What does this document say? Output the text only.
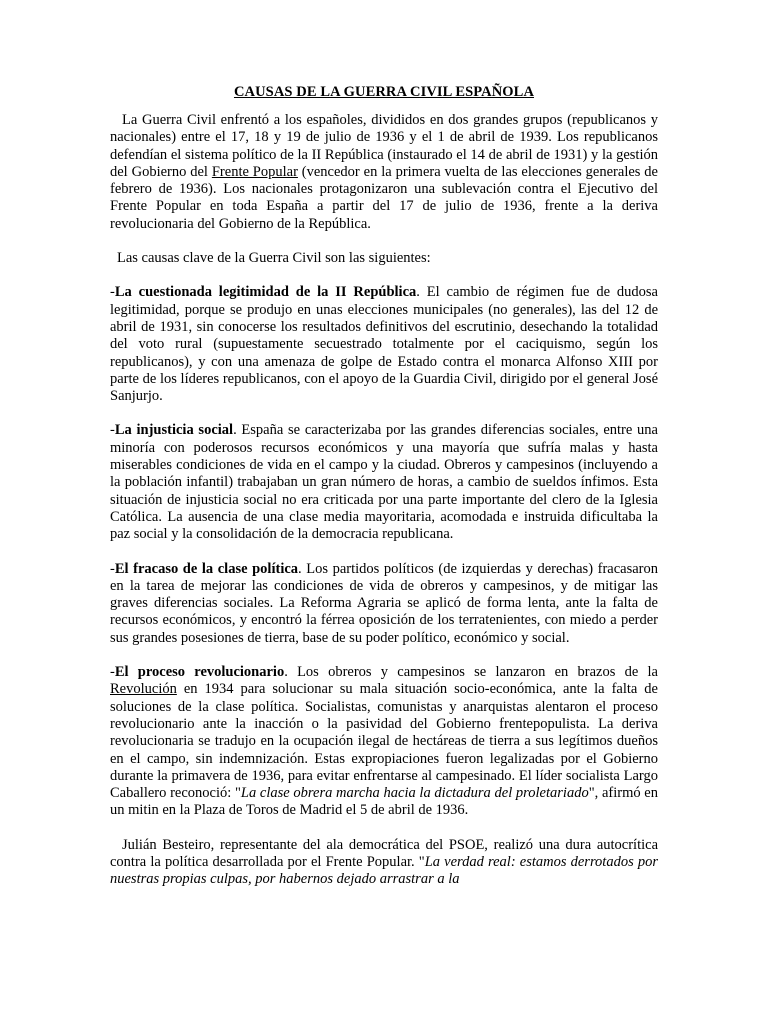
CAUSAS DE LA GUERRA CIVIL ESPAÑOLA

La Guerra Civil enfrentó a los españoles, divididos en dos grandes grupos (republicanos y nacionales) entre el 17, 18 y 19 de julio de 1936 y el 1 de abril de 1939. Los republicanos defendían el sistema político de la II República (instaurado el 14 de abril de 1931) y la gestión del Gobierno del Frente Popular (vencedor en la primera vuelta de las elecciones generales de febrero de 1936). Los nacionales protagonizaron una sublevación contra el Ejecutivo del Frente Popular en toda España a partir del 17 de julio de 1936, frente a la deriva revolucionaria del Gobierno de la República.

Las causas clave de la Guerra Civil son las siguientes:

-La cuestionada legitimidad de la II República. El cambio de régimen fue de dudosa legitimidad, porque se produjo en unas elecciones municipales (no generales), las del 12 de abril de 1931, sin conocerse los resultados definitivos del escrutinio, desechando la totalidad del voto rural (supuestamente secuestrado totalmente por el caciquismo, según los republicanos), y con una amenaza de golpe de Estado contra el monarca Alfonso XIII por parte de los líderes republicanos, con el apoyo de la Guardia Civil, dirigido por el general José Sanjurjo.

-La injusticia social. España se caracterizaba por las grandes diferencias sociales, entre una minoría con poderosos recursos económicos y una mayoría que sufría malas y hasta miserables condiciones de vida en el campo y la ciudad. Obreros y campesinos (incluyendo a la población infantil) trabajaban un gran número de horas, a cambio de sueldos ínfimos. Esta situación de injusticia social no era criticada por una parte importante del clero de la Iglesia Católica. La ausencia de una clase media mayoritaria, acomodada e instruida dificultaba la paz social y la consolidación de la democracia republicana.

-El fracaso de la clase política. Los partidos políticos (de izquierdas y derechas) fracasaron en la tarea de mejorar las condiciones de vida de obreros y campesinos, y de mitigar las graves diferencias sociales. La Reforma Agraria se aplicó de forma lenta, ante la falta de recursos económicos, y encontró la férrea oposición de los terratenientes, con miedo a perder sus grandes posesiones de tierra, base de su poder político, económico y social.

-El proceso revolucionario. Los obreros y campesinos se lanzaron en brazos de la Revolución en 1934 para solucionar su mala situación socio-económica, ante la falta de soluciones de la clase política. Socialistas, comunistas y anarquistas alentaron el proceso revolucionario ante la inacción o la pasividad del Gobierno frentepopulista. La deriva revolucionaria se tradujo en la ocupación ilegal de hectáreas de tierra a sus legítimos dueños en el campo, sin indemnización. Estas expropiaciones fueron legalizadas por el Gobierno durante la primavera de 1936, para evitar enfrentarse al campesinado. El líder socialista Largo Caballero reconoció: "La clase obrera marcha hacia la dictadura del proletariado", afirmó en un mitin en la Plaza de Toros de Madrid el 5 de abril de 1936.

Julián Besteiro, representante del ala democrática del PSOE, realizó una dura autocrítica contra la política desarrollada por el Frente Popular. "La verdad real: estamos derrotados por nuestras propias culpas, por habernos dejado arrastrar a la
